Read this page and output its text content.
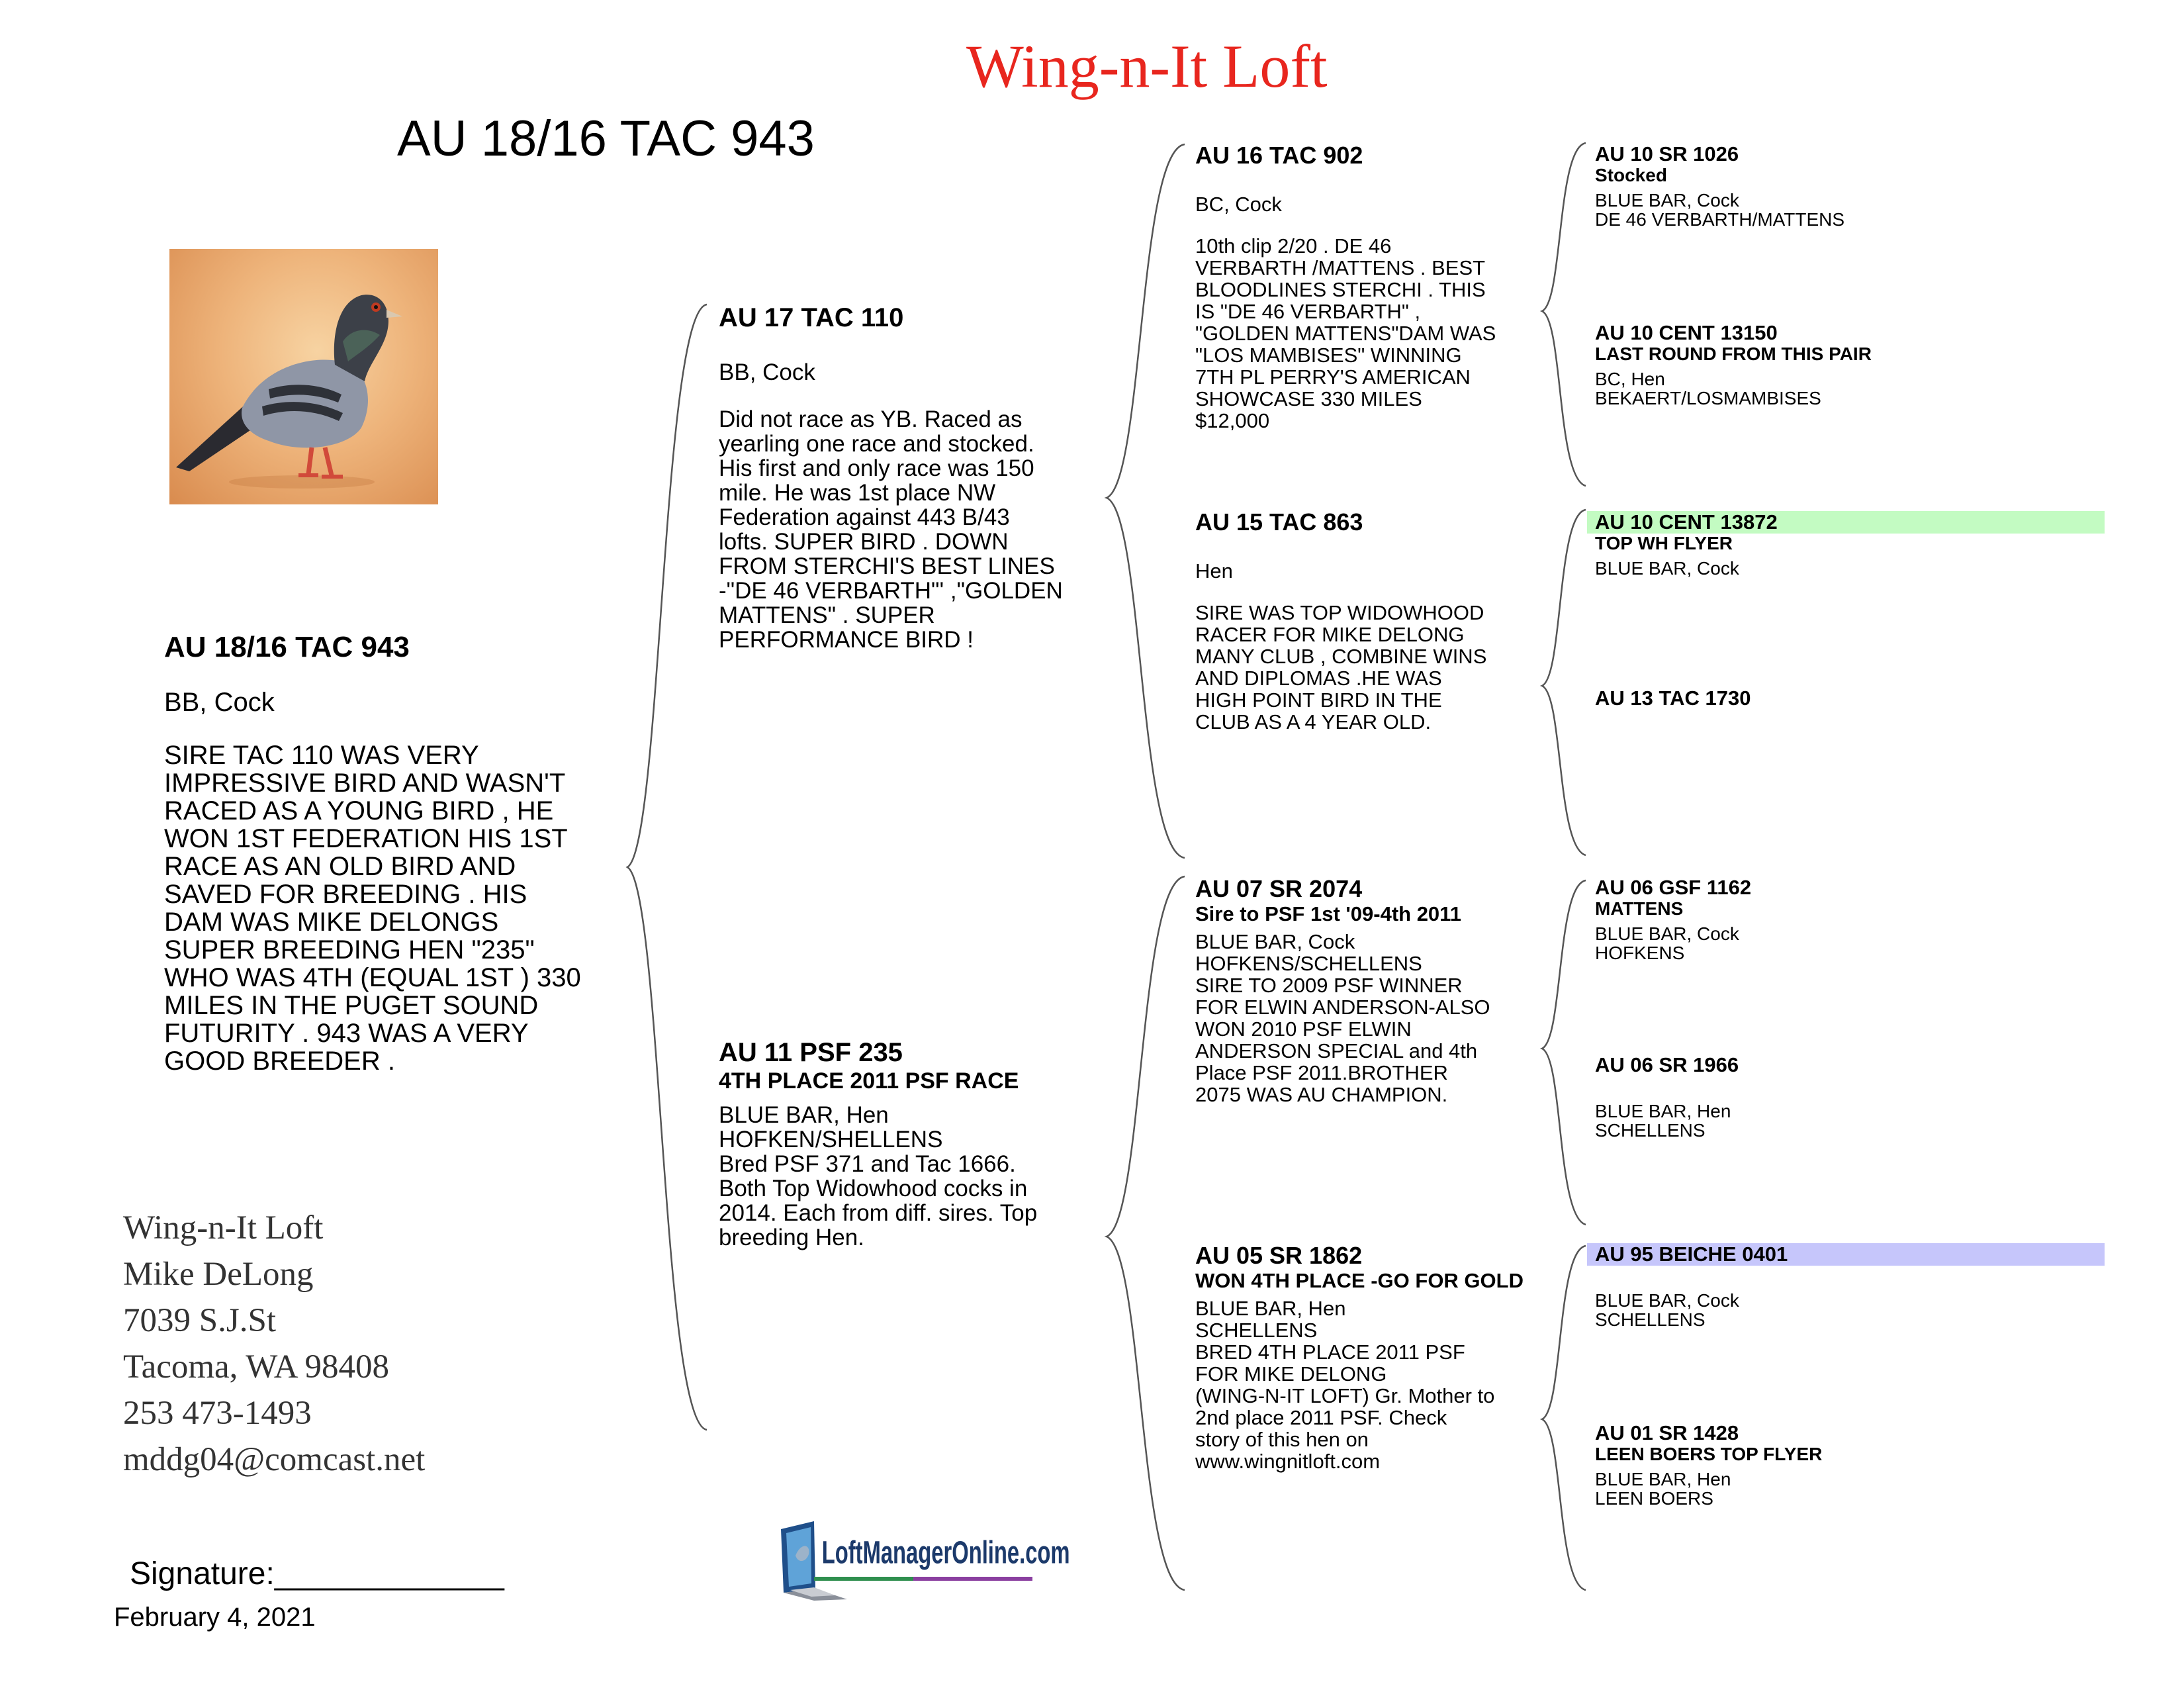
Wing-n-It Loft
AU 18/16 TAC 943
AU 18/16 TAC 943
BB, Cock
SIRE TAC 110 WAS VERY
IMPRESSIVE BIRD AND WASN'T
RACED AS A YOUNG BIRD , HE
WON 1ST FEDERATION HIS 1ST
RACE AS AN OLD BIRD AND
SAVED FOR BREEDING . HIS
DAM WAS MIKE DELONGS
SUPER BREEDING HEN "235"
WHO WAS 4TH (EQUAL 1ST ) 330
MILES IN THE PUGET SOUND
FUTURITY . 943 WAS A VERY
GOOD BREEDER .
AU 17 TAC 110
BB, Cock
Did not race as YB. Raced as
yearling one race and stocked.
His first and only race was 150
mile. He was 1st place NW
Federation against 443 B/43
lofts. SUPER BIRD . DOWN
FROM STERCHI'S BEST LINES
-"DE 46 VERBARTH"' ,"GOLDEN
MATTENS" . SUPER
PERFORMANCE BIRD !
AU 11 PSF 235
4TH PLACE 2011 PSF RACE
BLUE BAR, Hen
HOFKEN/SHELLENS
Bred PSF 371 and Tac 1666.
Both Top Widowhood cocks in
2014. Each from diff. sires. Top
breeding Hen.
AU 16 TAC 902
BC, Cock
10th clip 2/20 . DE 46
VERBARTH /MATTENS . BEST
BLOODLINES STERCHI . THIS
IS "DE 46 VERBARTH" ,
"GOLDEN MATTENS"DAM WAS
"LOS MAMBISES" WINNING
7TH PL PERRY'S AMERICAN
SHOWCASE 330 MILES
$12,000
AU 15 TAC 863
Hen
SIRE WAS TOP WIDOWHOOD
RACER FOR MIKE DELONG
MANY CLUB , COMBINE WINS
AND DIPLOMAS .HE WAS
HIGH POINT BIRD IN THE
CLUB AS A 4 YEAR OLD.
AU 07 SR 2074
Sire to PSF 1st '09-4th 2011
BLUE BAR, Cock
HOFKENS/SCHELLENS
SIRE TO 2009 PSF WINNER
FOR ELWIN ANDERSON-ALSO
WON 2010 PSF ELWIN
ANDERSON SPECIAL and 4th
Place PSF 2011.BROTHER
2075 WAS AU CHAMPION.
AU 05 SR 1862
WON 4TH PLACE -GO FOR GOLD
BLUE BAR, Hen
SCHELLENS
BRED 4TH PLACE 2011 PSF
FOR MIKE DELONG
(WING-N-IT LOFT) Gr. Mother to
2nd place 2011 PSF. Check
story of this hen on
www.wingnitloft.com
AU 10 SR 1026
Stocked
BLUE BAR, Cock
DE 46 VERBARTH/MATTENS
AU 10 CENT 13150
LAST ROUND FROM THIS PAIR
BC, Hen
BEKAERT/LOSMAMBISES
AU 10 CENT 13872
TOP WH FLYER
BLUE BAR, Cock
AU 13 TAC 1730
AU 06 GSF 1162
MATTENS
BLUE BAR, Cock
HOFKENS
AU 06 SR 1966
BLUE BAR, Hen
SCHELLENS
AU 95 BEICHE 0401
BLUE BAR, Cock
SCHELLENS
AU 01 SR 1428
LEEN BOERS TOP FLYER
BLUE BAR, Hen
LEEN BOERS
Wing-n-It Loft
Mike DeLong
7039 S.J.St
Tacoma, WA 98408
253 473-1493
mddg04@comcast.net
Signature:_____________
February 4, 2021
LoftManagerOnline.com
